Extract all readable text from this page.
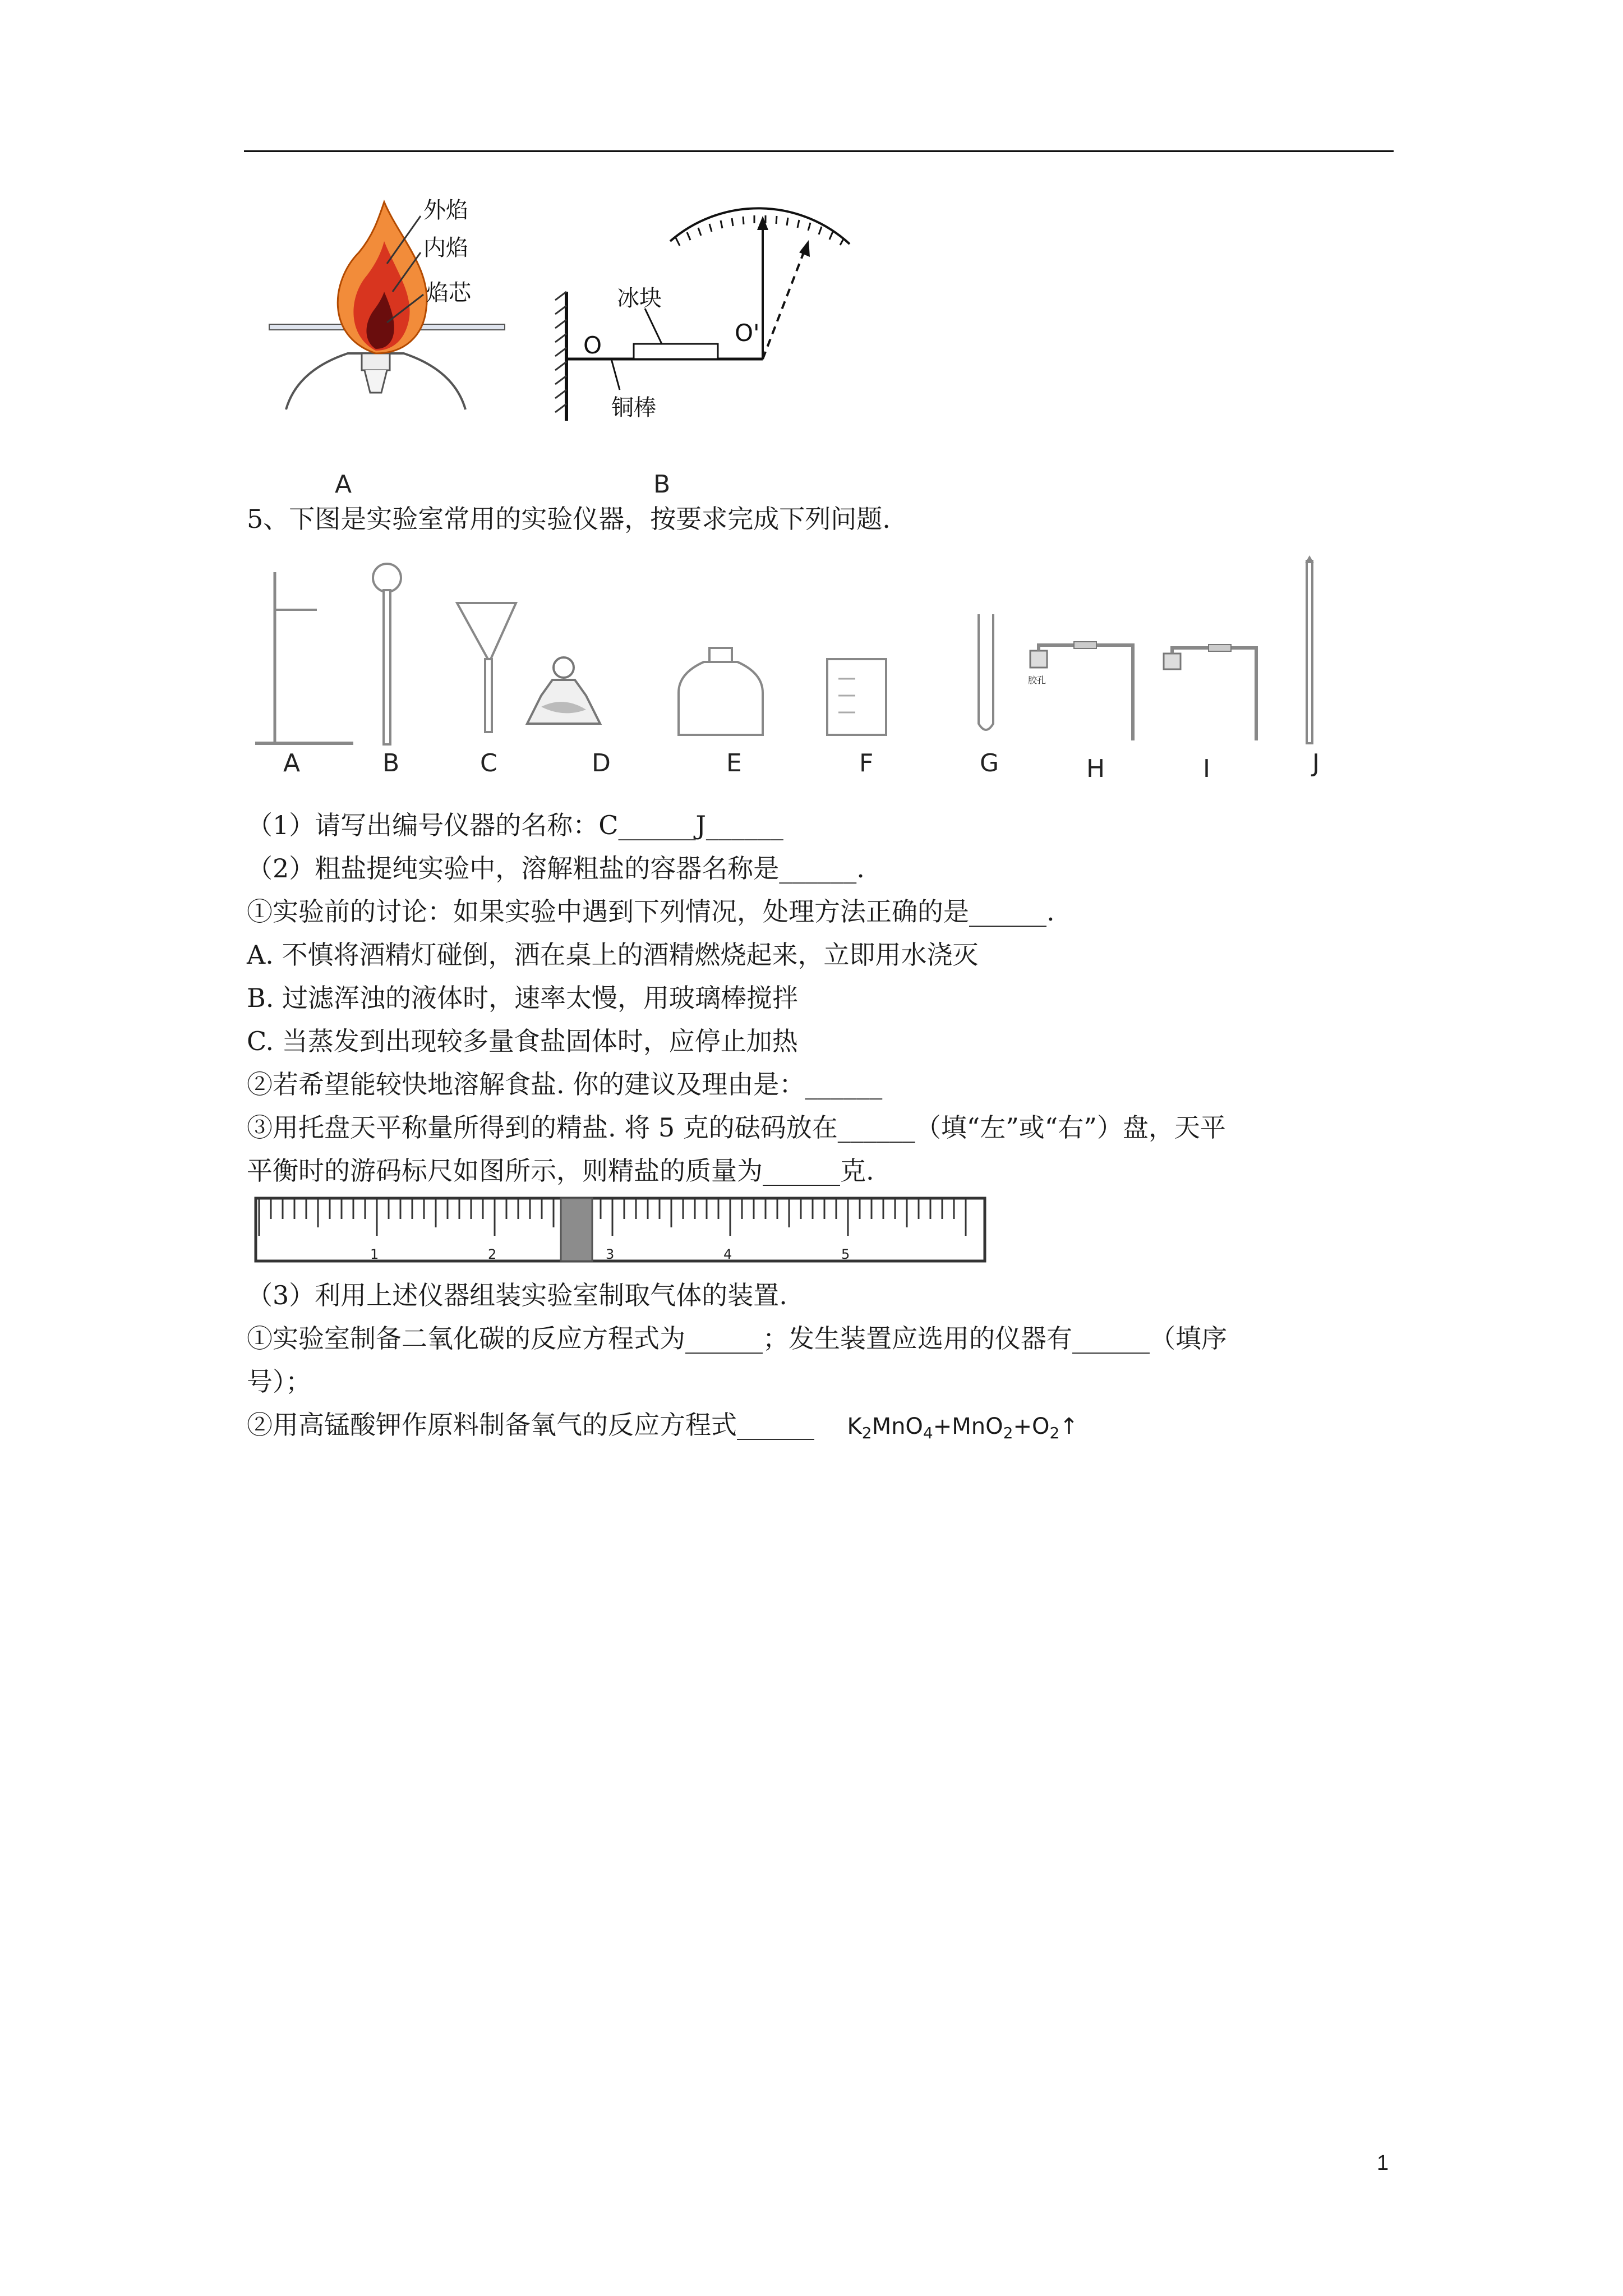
外焰
内焰
焰芯
A
O	O'
冰块
铜棒
B
5、下图是实验室常用的实验仪器，按要求完成下列问题.
胶孔
A	B	C	D	E	F	G	H	I	J
（1）请写出编号仪器的名称：C______J______
（2）粗盐提纯实验中，溶解粗盐的容器名称是______.
①实验前的讨论：如果实验中遇到下列情况，处理方法正确的是______.
A. 不慎将酒精灯碰倒，洒在桌上的酒精燃烧起来，立即用水浇灭
B. 过滤浑浊的液体时，速率太慢，用玻璃棒搅拌
C. 当蒸发到出现较多量食盐固体时，应停止加热
②若希望能较快地溶解食盐. 你的建议及理由是：______
③用托盘天平称量所得到的精盐. 将 5 克的砝码放在______（填“左”或“右”）盘，天平
平衡时的游码标尺如图所示，则精盐的质量为______克.
1	2	3	4	5
（3）利用上述仪器组装实验室制取气体的装置.
①实验室制备二氧化碳的反应方程式为______；发生装置应选用的仪器有______（填序
号）；
②用高锰酸钾作原料制备氧气的反应方程式______ $K_2MnO_4+MnO_2+O_2↑$
1
